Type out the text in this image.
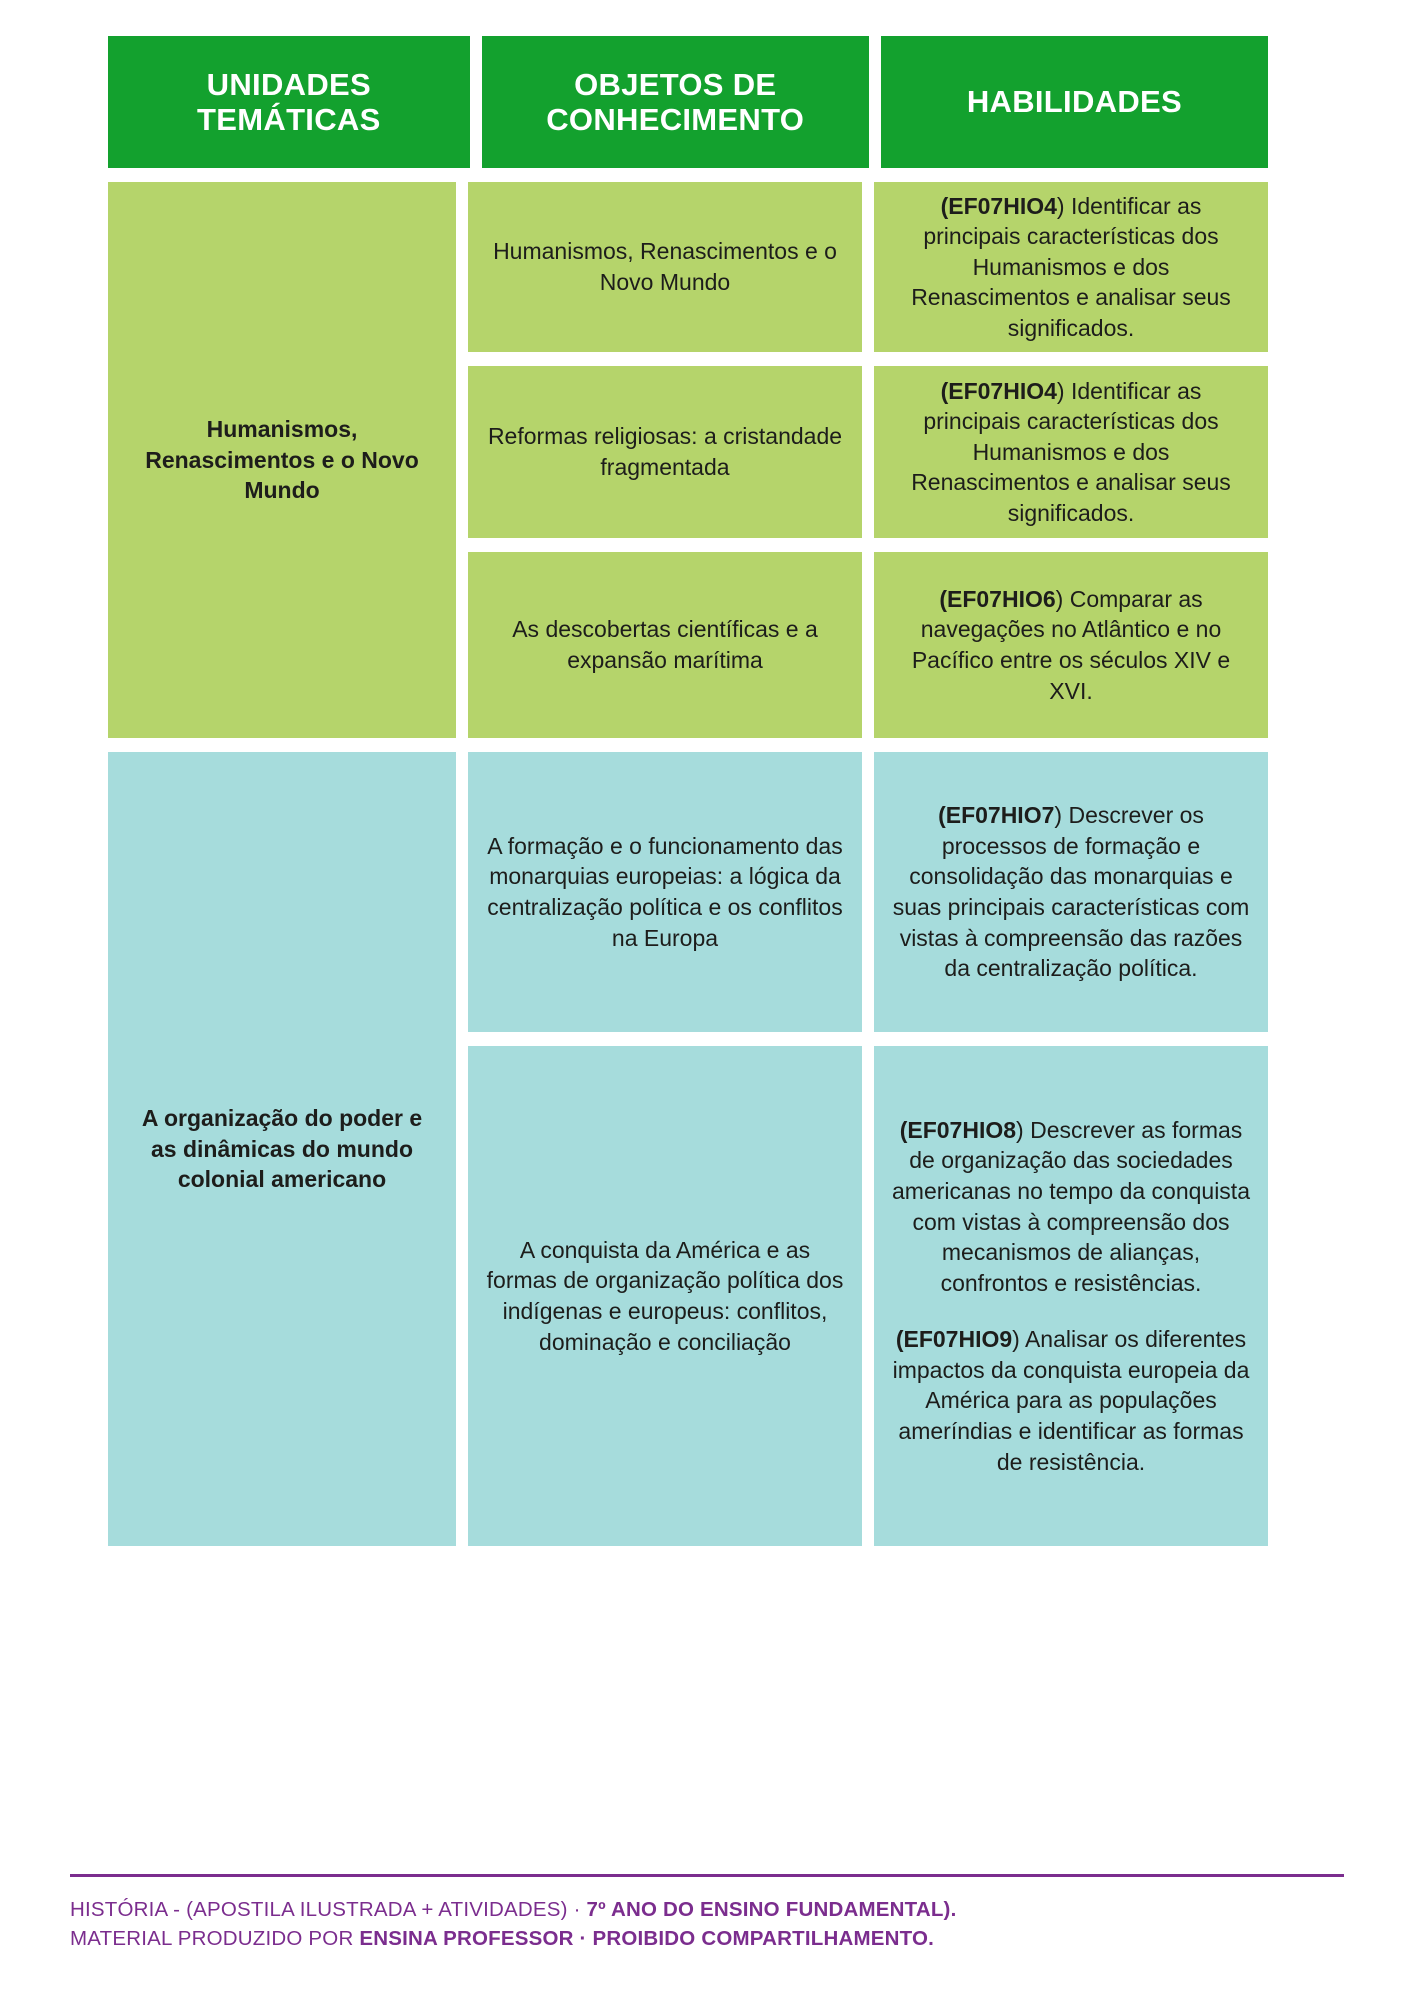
UNIDADES TEMÁTICAS
OBJETOS DE CONHECIMENTO
HABILIDADES
Humanismos, Renascimentos e o Novo Mundo
Humanismos, Renascimentos e o Novo Mundo

(EF07HIO4) Identificar as principais características dos Humanismos e dos Renascimentos e analisar seus significados.

Reformas religiosas: a cristandade fragmentada

(EF07HIO4) Identificar as principais características dos Humanismos e dos Renascimentos e analisar seus significados.

As descobertas científicas e a expansão marítima

(EF07HIO6) Comparar as navegações no Atlântico e no Pacífico entre os séculos XIV e XVI.

A organização do poder e as dinâmicas do mundo colonial americano
A formação e o funcionamento das monarquias europeias: a lógica da centralização política e os conflitos na Europa

(EF07HIO7) Descrever os processos de formação e consolidação das monarquias e suas principais características com vistas à compreensão das razões da centralização política.

A conquista da América e as formas de organização política dos indígenas e europeus: conflitos, dominação e conciliação

(EF07HIO8) Descrever as formas de organização das sociedades americanas no tempo da conquista com vistas à compreensão dos mecanismos de alianças, confrontos e resistências.

(EF07HIO9) Analisar os diferentes impactos da conquista europeia da América para as populações ameríndias e identificar as formas de resistência.

HISTÓRIA - (APOSTILA ILUSTRADA + ATIVIDADES) · 7º ANO DO ENSINO FUNDAMENTAL).
MATERIAL PRODUZIDO POR ENSINA PROFESSOR · PROIBIDO COMPARTILHAMENTO.
